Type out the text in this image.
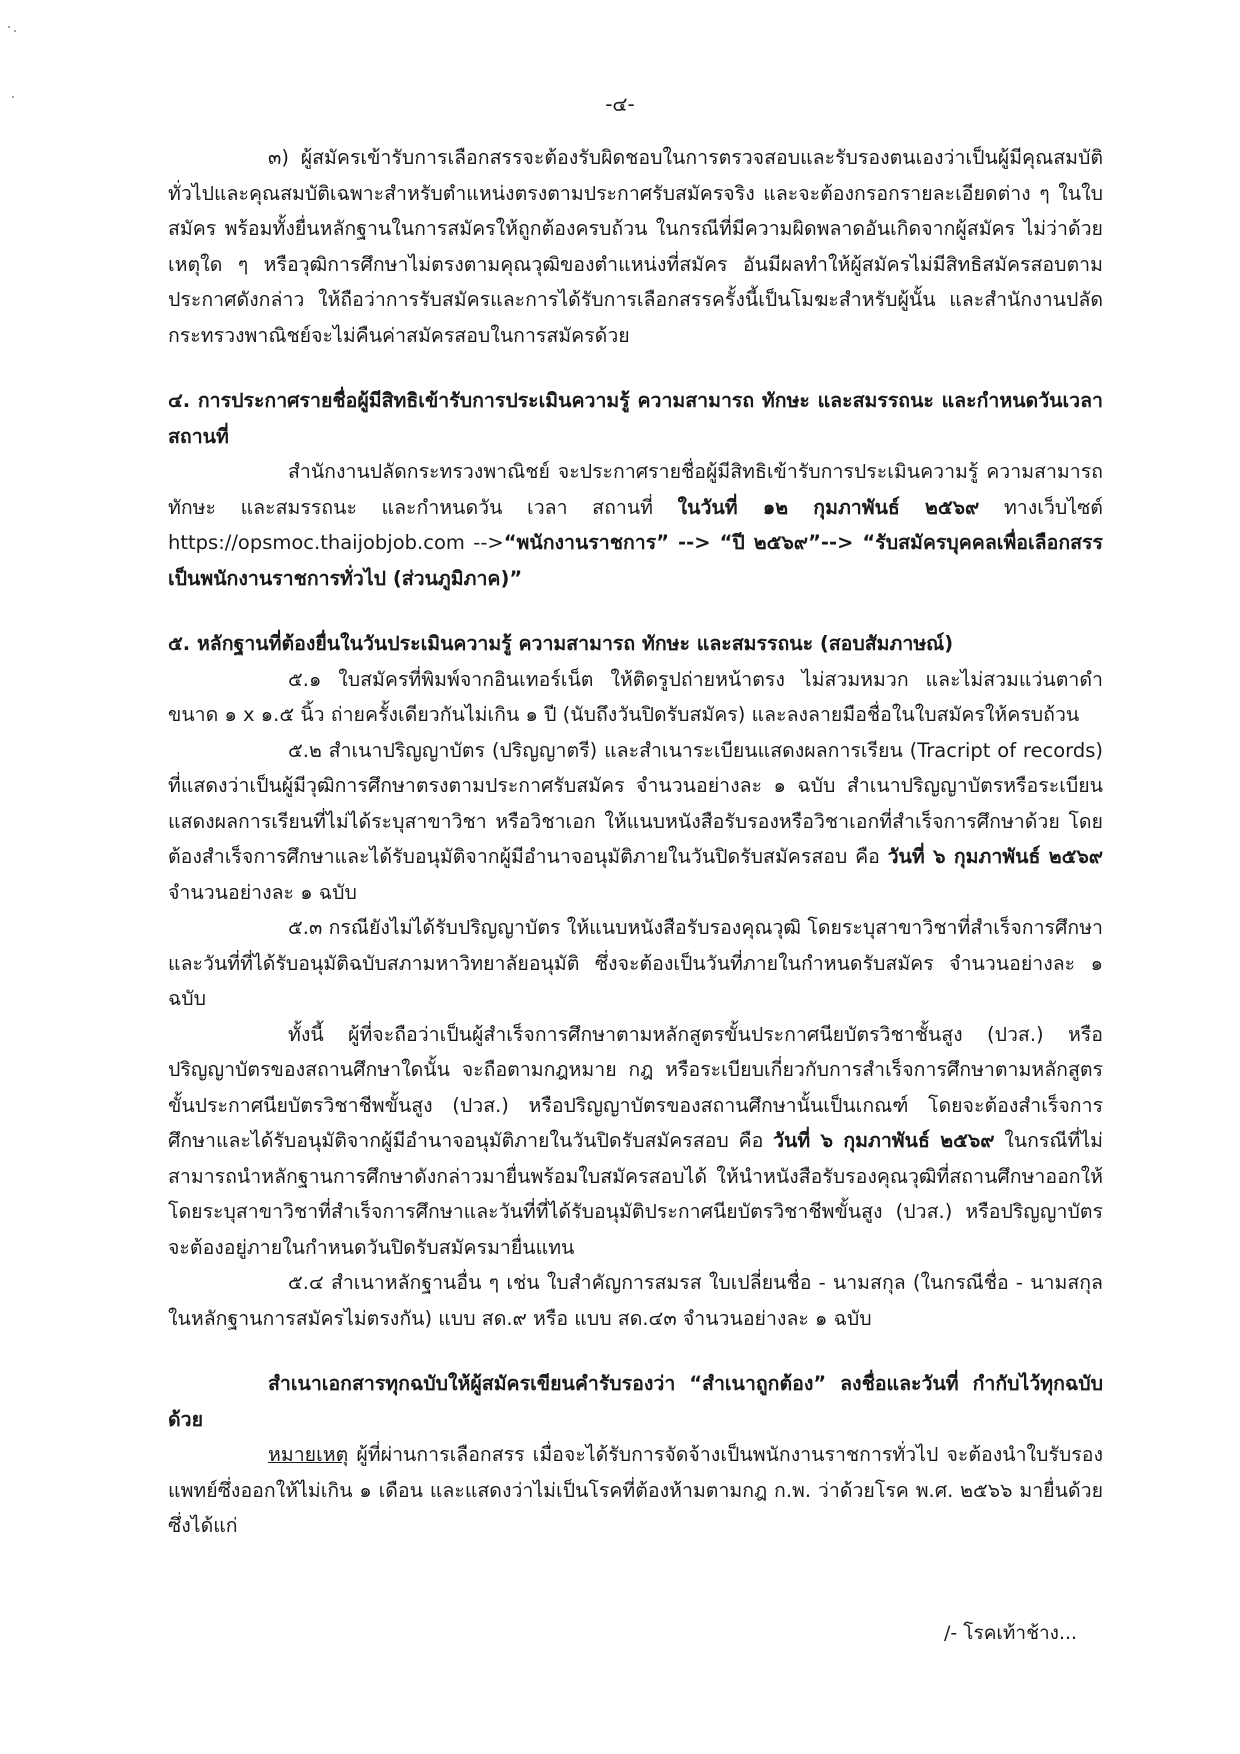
-๔-

๓) ผู้สมัครเข้ารับการเลือกสรรจะต้องรับผิดชอบในการตรวจสอบและรับรองตนเองว่าเป็นผู้มีคุณสมบัติทั่วไปและคุณสมบัติเฉพาะสำหรับตำแหน่งตรงตามประกาศรับสมัครจริง และจะต้องกรอกรายละเอียดต่าง ๆ ในใบสมัคร พร้อมทั้งยื่นหลักฐานในการสมัครให้ถูกต้องครบถ้วน ในกรณีที่มีความผิดพลาดอันเกิดจากผู้สมัคร ไม่ว่าด้วยเหตุใด ๆ หรือวุฒิการศึกษาไม่ตรงตามคุณวุฒิของตำแหน่งที่สมัคร อันมีผลทำให้ผู้สมัครไม่มีสิทธิสมัครสอบตามประกาศดังกล่าว ให้ถือว่าการรับสมัครและการได้รับการเลือกสรรครั้งนี้เป็นโมฆะสำหรับผู้นั้น และสำนักงานปลัดกระทรวงพาณิชย์จะไม่คืนค่าสมัครสอบในการสมัครด้วย

๔. การประกาศรายชื่อผู้มีสิทธิเข้ารับการประเมินความรู้ ความสามารถ ทักษะ และสมรรถนะ และกำหนดวันเวลา สถานที่

สำนักงานปลัดกระทรวงพาณิชย์ จะประกาศรายชื่อผู้มีสิทธิเข้ารับการประเมินความรู้ ความสามารถ ทักษะ และสมรรถนะ และกำหนดวัน เวลา สถานที่ ในวันที่ ๑๒ กุมภาพันธ์ ๒๕๖๙ ทางเว็บไซต์ https://opsmoc.thaijobjob.com -->“พนักงานราชการ” --> “ปี ๒๕๖๙”--> “รับสมัครบุคคลเพื่อเลือกสรรเป็นพนักงานราชการทั่วไป (ส่วนภูมิภาค)”

๕. หลักฐานที่ต้องยื่นในวันประเมินความรู้ ความสามารถ ทักษะ และสมรรถนะ (สอบสัมภาษณ์)

๕.๑ ใบสมัครที่พิมพ์จากอินเทอร์เน็ต ให้ติดรูปถ่ายหน้าตรง ไม่สวมหมวก และไม่สวมแว่นตาดำ ขนาด ๑ x ๑.๕ นิ้ว ถ่ายครั้งเดียวกันไม่เกิน ๑ ปี (นับถึงวันปิดรับสมัคร) และลงลายมือชื่อในใบสมัครให้ครบถ้วน

๕.๒ สำเนาปริญญาบัตร (ปริญญาตรี) และสำเนาระเบียนแสดงผลการเรียน (Tracript of records) ที่แสดงว่าเป็นผู้มีวุฒิการศึกษาตรงตามประกาศรับสมัคร จำนวนอย่างละ ๑ ฉบับ สำเนาปริญญาบัตรหรือระเบียนแสดงผลการเรียนที่ไม่ได้ระบุสาขาวิชา หรือวิชาเอก ให้แนบหนังสือรับรองหรือวิชาเอกที่สำเร็จการศึกษาด้วย โดยต้องสำเร็จการศึกษาและได้รับอนุมัติจากผู้มีอำนาจอนุมัติภายในวันปิดรับสมัครสอบ คือ วันที่ ๖ กุมภาพันธ์ ๒๕๖๙ จำนวนอย่างละ ๑ ฉบับ

๕.๓ กรณียังไม่ได้รับปริญญาบัตร ให้แนบหนังสือรับรองคุณวุฒิ โดยระบุสาขาวิชาที่สำเร็จการศึกษา และวันที่ที่ได้รับอนุมัติฉบับสภามหาวิทยาลัยอนุมัติ ซึ่งจะต้องเป็นวันที่ภายในกำหนดรับสมัคร จำนวนอย่างละ ๑ ฉบับ

ทั้งนี้ ผู้ที่จะถือว่าเป็นผู้สำเร็จการศึกษาตามหลักสูตรขั้นประกาศนียบัตรวิชาชั้นสูง (ปวส.) หรือปริญญาบัตรของสถานศึกษาใดนั้น จะถือตามกฎหมาย กฎ หรือระเบียบเกี่ยวกับการสำเร็จการศึกษาตามหลักสูตรขั้นประกาศนียบัตรวิชาชีพขั้นสูง (ปวส.) หรือปริญญาบัตรของสถานศึกษานั้นเป็นเกณฑ์ โดยจะต้องสำเร็จการศึกษาและได้รับอนุมัติจากผู้มีอำนาจอนุมัติภายในวันปิดรับสมัครสอบ คือ วันที่ ๖ กุมภาพันธ์ ๒๕๖๙ ในกรณีที่ไม่สามารถนำหลักฐานการศึกษาดังกล่าวมายื่นพร้อมใบสมัครสอบได้ ให้นำหนังสือรับรองคุณวุฒิที่สถานศึกษาออกให้ โดยระบุสาขาวิชาที่สำเร็จการศึกษาและวันที่ที่ได้รับอนุมัติประกาศนียบัตรวิชาชีพขั้นสูง (ปวส.) หรือปริญญาบัตร จะต้องอยู่ภายในกำหนดวันปิดรับสมัครมายื่นแทน

๕.๔ สำเนาหลักฐานอื่น ๆ เช่น ใบสำคัญการสมรส ใบเปลี่ยนชื่อ - นามสกุล (ในกรณีชื่อ - นามสกุลในหลักฐานการสมัครไม่ตรงกัน) แบบ สด.๙ หรือ แบบ สด.๔๓ จำนวนอย่างละ ๑ ฉบับ

สำเนาเอกสารทุกฉบับให้ผู้สมัครเขียนคำรับรองว่า “สำเนาถูกต้อง” ลงชื่อและวันที่ กำกับไว้ทุกฉบับด้วย

หมายเหตุ ผู้ที่ผ่านการเลือกสรร เมื่อจะได้รับการจัดจ้างเป็นพนักงานราชการทั่วไป จะต้องนำใบรับรองแพทย์ซึ่งออกให้ไม่เกิน ๑ เดือน และแสดงว่าไม่เป็นโรคที่ต้องห้ามตามกฎ ก.พ. ว่าด้วยโรค พ.ศ. ๒๕๖๖ มายื่นด้วย ซึ่งได้แก่

/- โรคเท้าช้าง...
